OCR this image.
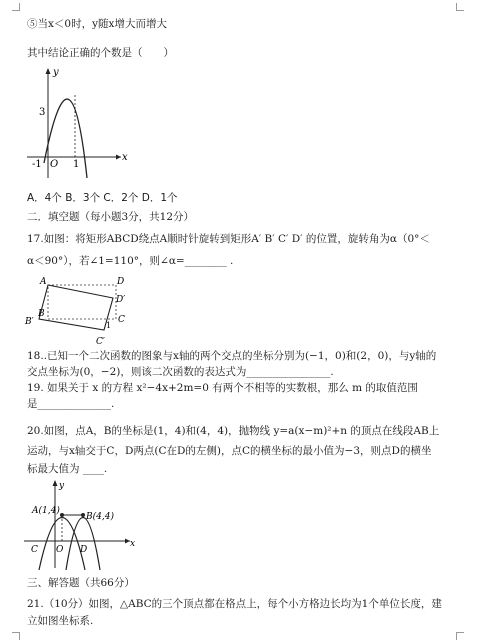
⑤当x＜0时，y随x增大而增大
其中结论正确的个数是（　　）
y
x
3
-1 O 1
A．4个 B．3个 C．2个 D．1个
二．填空题（每小题3分，共12分）
17.如图：将矩形ABCD绕点A顺时针旋转到矩形A′ B′ C′ D′ 的位置，旋转角为α（0°＜
α＜90°），若∠1=110°，则∠α=________ .
A	D
D′
B
B′	C
1
C′
18..已知一个二次函数的图象与x轴的两个交点的坐标分别为(−1，0)和(2，0)，与y轴的
交点坐标为(0，−2)，则该二次函数的表达式为________________.
19. 如果关于 x 的方程 x²−4x+2m=0 有两个不相等的实数根，那么 m 的取值范围
是______________.
20.如图，点A，B的坐标是(1，4)和(4，4)，抛物线 y=a(x−m)²+n 的顶点在线段AB上
运动，与x轴交于C，D两点(C在D的左侧)，点C的横坐标的最小值为−3，则点D的横坐
标最大值为 ____.
y
x
A(1,4)
B(4,4)
C O D
三、解答题（共66分）
21.（10分）如图，△ABC的三个顶点都在格点上，每个小方格边长均为1个单位长度，建
立如图坐标系.
